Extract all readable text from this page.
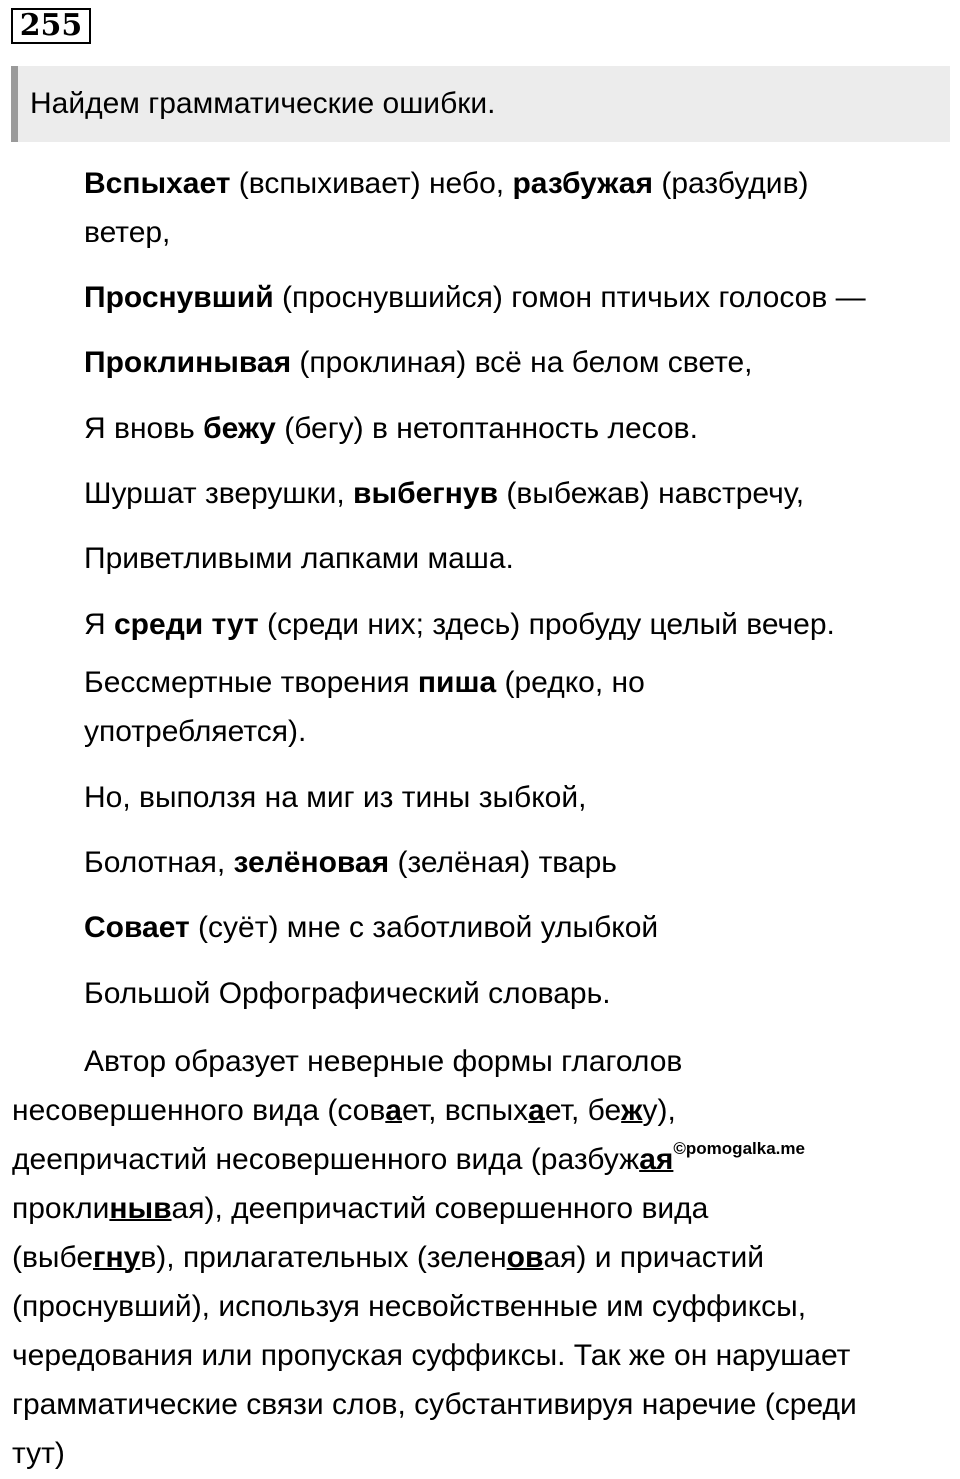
255
Найдем грамматические ошибки.

Вспыхает (вспыхивает) небо, разбужая (разбудив)

ветер,

Проснувший (проснувшийся) гомон птичьих голосов —

Проклинывая (проклиная) всё на белом свете,

Я вновь бежу (бегу) в нетоптанность лесов.

Шуршат зверушки, выбегнув (выбежав) навстречу,

Приветливыми лапками маша.

Я среди тут (среди них; здесь) пробуду целый вечер.

Бессмертные творения пиша (редко, но

употребляется).

Но, выползя на миг из тины зыбкой,

Болотная, зелёновая (зелёная) тварь

Совает (суёт) мне с заботливой улыбкой

Большой Орфографический словарь.

Автор образует неверные формы глаголов
несовершенного вида (совает, вспыхает, бежу),
деепричастий несовершенного вида (разбужая$^{©pomogalka.me}$
проклинывая), деепричастий совершенного вида
(выбегнув), прилагательных (зеленовая) и причастий
(проснувший), используя несвойственные им суффиксы,
чередования или пропуская суффиксы. Так же он нарушает
грамматические связи слов, субстантивируя наречие (среди
тут)
